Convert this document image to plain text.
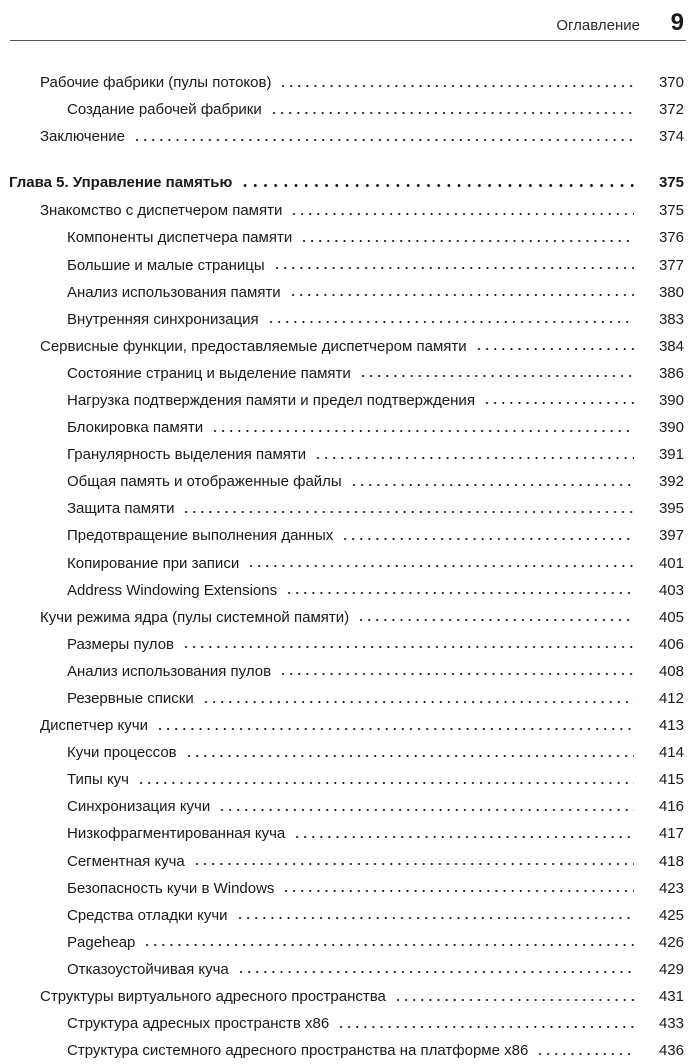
Оглавление 9
Рабочие фабрики (пулы потоков)	370
Создание рабочей фабрики	372
Заключение	374
Глава 5. Управление памятью	375
Знакомство с диспетчером памяти	375
Компоненты диспетчера памяти	376
Большие и малые страницы	377
Анализ использования памяти	380
Внутренняя синхронизация	383
Сервисные функции, предоставляемые диспетчером памяти	384
Состояние страниц и выделение памяти	386
Нагрузка подтверждения памяти и предел подтверждения	390
Блокировка памяти	390
Гранулярность выделения памяти	391
Общая память и отображенные файлы	392
Защита памяти	395
Предотвращение выполнения данных	397
Копирование при записи	401
Address Windowing Extensions	403
Кучи режима ядра (пулы системной памяти)	405
Размеры пулов	406
Анализ использования пулов	408
Резервные списки	412
Диспетчер кучи	413
Кучи процессов	414
Типы куч	415
Синхронизация кучи	416
Низкофрагментированная куча	417
Сегментная куча	418
Безопасность кучи в Windows	423
Средства отладки кучи	425
Pageheap	426
Отказоустойчивая куча	429
Структуры виртуального адресного пространства	431
Структура адресных пространств x86	433
Структура системного адресного пространства на платформе x86	436
